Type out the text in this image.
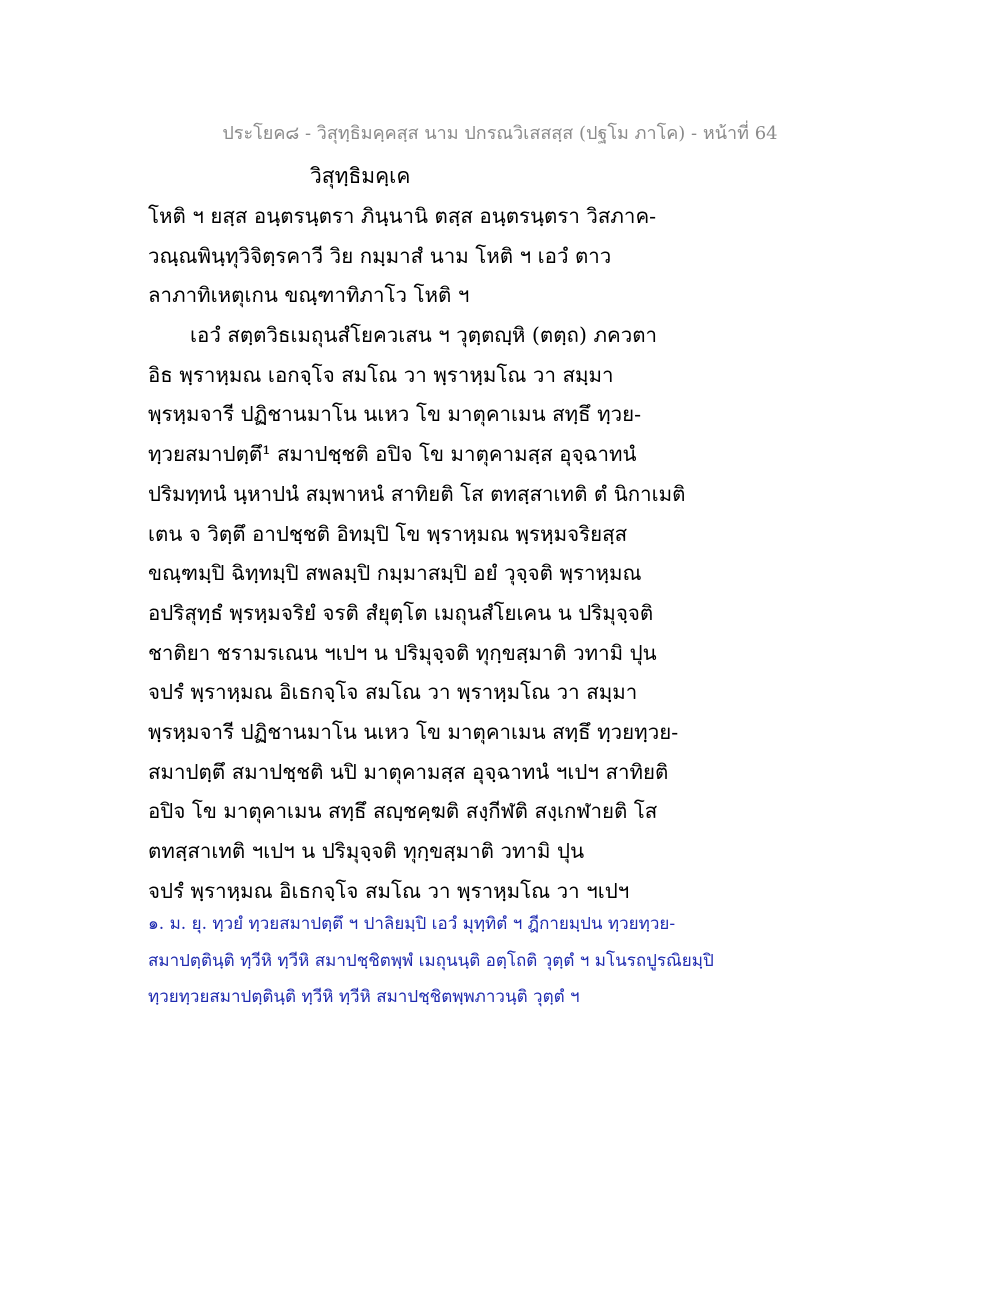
ประโยค๘ - วิสุทฺธิมคฺคสฺส นาม ปกรณวิเสสสฺส (ปฐโม ภาโค) - หน้าที่ 64
วิสุทฺธิมคฺเค
โหติ ฯ ยสฺส อนฺตรนฺตรา ภินฺนานิ ตสฺส อนฺตรนฺตรา วิสภาค-
วณฺณพินฺทุวิจิตฺรคาวี วิย กมฺมาสํ นาม โหติ ฯ เอวํ ตาว
ลาภาทิเหตุเกน ขณฺฑาทิภาโว โหติ ฯ
เอวํ สตฺตวิธเมถุนสํโยควเสน ฯ วุตฺตญฺหิ (ตตฺถ) ภควตา
อิธ พฺราหฺมณ เอกจฺโจ สมโณ วา พฺราหฺมโณ วา สมฺมา
พฺรหฺมจารี ปฏิชานมาโน นเหว โข มาตุคาเมน สทฺธึ ทฺวย-
ทฺวยสมาปตฺตึ¹ สมาปชฺชติ อปิจ โข มาตุคามสฺส อุจฺฉาทนํ
ปริมทฺทนํ นฺหาปนํ สมฺพาหนํ สาทิยติ โส ตทสฺสาเทติ ตํ นิกาเมติ
เตน จ วิตฺตึ อาปชฺชติ อิทมฺปิ โข พฺราหฺมณ พฺรหฺมจริยสฺส
ขณฺฑมฺปิ ฉิทฺทมฺปิ สพลมฺปิ กมฺมาสมฺปิ อยํ วุจฺจติ พฺราหฺมณ
อปริสุทฺธํ พฺรหฺมจริยํ จรติ สํยุตฺโต เมถุนสํโยเคน น ปริมุจฺจติ
ชาติยา ชรามรเณน ฯเปฯ น ปริมุจฺจติ ทุกฺขสฺมาติ วทามิ ปุน
จปรํ พฺราหฺมณ อิเธกจฺโจ สมโณ วา พฺราหฺมโณ วา สมฺมา
พฺรหฺมจารี ปฏิชานมาโน นเหว โข มาตุคาเมน สทฺธึ ทฺวยทฺวย-
สมาปตฺตึ สมาปชฺชติ นปิ มาตุคามสฺส อุจฺฉาทนํ ฯเปฯ สาทิยติ
อปิจ โข มาตุคาเมน สทฺธึ สญฺชคฺฆติ สงฺกีฬติ สงฺเกฬายติ โส
ตทสฺสาเทติ ฯเปฯ น ปริมุจฺจติ ทุกฺขสฺมาติ วทามิ ปุน
จปรํ พฺราหฺมณ อิเธกจฺโจ สมโณ วา พฺราหฺมโณ วา ฯเปฯ
๑. ม. ยุ. ทฺวยํ ทฺวยสมาปตฺตึ ฯ ปาลิยมฺปิ เอวํ มุทฺทิตํ ฯ ฎีกายมฺปน ทฺวยทฺวย-
สมาปตฺตินฺติ ทฺวีหิ ทฺวีหิ สมาปชฺชิตพฺพํ เมถุนนฺติ อตฺโถติ วุตฺตํ ฯ มโนรถปูรณิยมฺปิ
ทฺวยทฺวยสมาปตฺตินฺติ ทฺวีหิ ทฺวีหิ สมาปชฺชิตพฺพภาวนฺติ วุตฺตํ ฯ
